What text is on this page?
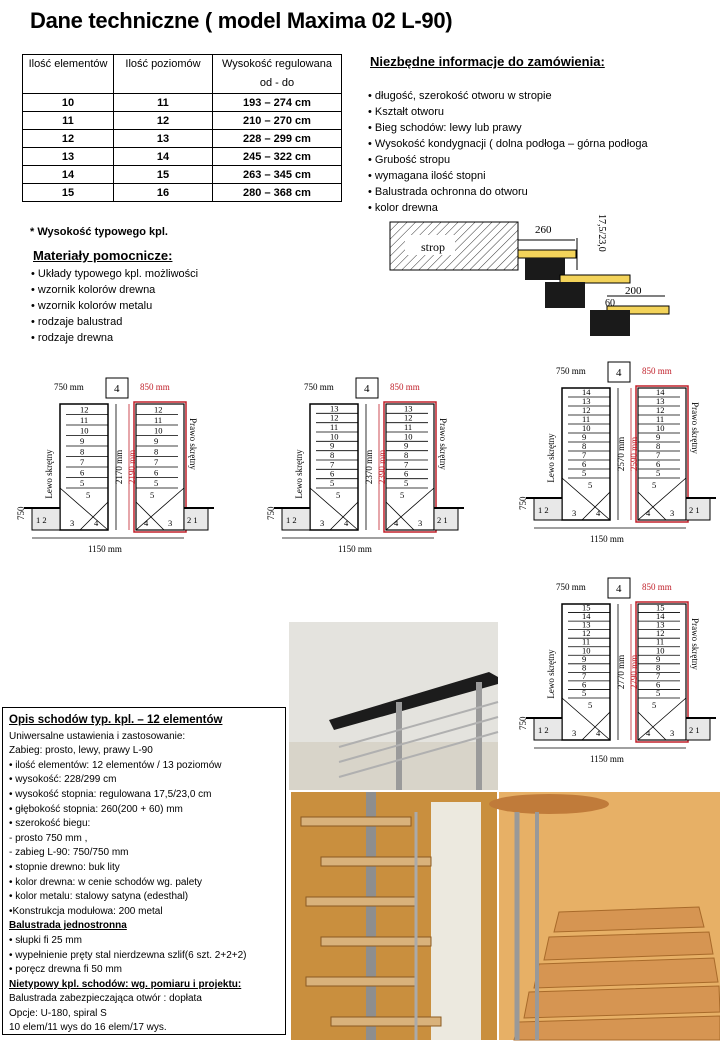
Dane techniczne ( model Maxima 02 L-90)
Ilość elementów	Ilość poziomów	Wysokość regulowana od - do
10	11	193 – 274 cm
11	12	210 – 270 cm
12	13	228 – 299 cm
13	14	245 – 322 cm
14	15	263 – 345 cm
15	16	280 – 368 cm
Niezbędne informacje do zamówienia:
• długość, szerokość otworu w stropie
• Kształt otworu
• Bieg schodów: lewy lub prawy
• Wysokość kondygnacji ( dolna podłoga – górna podłoga
• Grubość stropu
• wymagana ilość stopni
• Balustrada ochronna do otworu
• kolor drewna
* Wysokość typowego kpl.
Materiały pomocnicze:
• Układy typowego kpl. możliwości
• wzornik kolorów drewna
• wzornik kolorów metalu
• rodzaje balustrad
• rodzaje drewna
strop
260	17,5/23,0
200
60
750 mm	4 850 mm
12	12
11	11
10	10
9	9
8	8
7	7
6	6
5	5
5
4
3
5
4 3
1 2	2 1
2170 mm 2190 mm
750
1150 mm
Lewo skrętny
Prawo skrętny
750 mm	4 850 mm
13	13
12	12
11	11
10	10
9	9
8	8
7	7
6	6
5	5
5
4
3
5
4 3
1 2	2 1
2370 mm 2390 mm
750
1150 mm
Lewo skrętny
Prawo skrętny
750 mm	4 850 mm
14	14
13	13
12	12
11	11
10	10
9	9
8	8
7	7
6	6
5	5
5
4
3
5
4 3
1 2	2 1
2570 mm 2590 mm
750
1150 mm
Lewo skrętny
Prawo skrętny
750 mm	4 850 mm
15	15
14	14
13	13
12	12
11	11
10	10
9	9
8	8
7	7
6	6
5	5
5
4
3
5
4 3
1 2	2 1
2770 mm 2790 mm
750
1150 mm
Lewo skrętny
Prawo skrętny
Opis schodów typ. kpl. – 12 elementów
Uniwersalne ustawienia i zastosowanie:
Zabieg: prosto, lewy, prawy L-90
• ilość elementów: 12 elementów / 13 poziomów
• wysokość: 228/299 cm
• wysokość stopnia: regulowana 17,5/23,0 cm
• głębokość stopnia: 260(200 + 60) mm
• szerokość biegu:
- prosto 750 mm ,
- zabieg L-90: 750/750 mm
• stopnie drewno: buk lity
• kolor drewna: w cenie schodów wg. palety
• kolor metalu: stalowy satyna (edesthal)
•Konstrukcja modułowa: 200 metal
Balustrada jednostronna
• słupki fi 25 mm
• wypełnienie pręty stal nierdzewna szlif(6 szt. 2+2+2)
• poręcz drewna fi 50 mm
Nietypowy kpl. schodów: wg. pomiaru i projektu:
Balustrada zabezpieczająca otwór : dopłata
Opcje: U-180, spiral S
10 elem/11 wys do 16 elem/17 wys.
